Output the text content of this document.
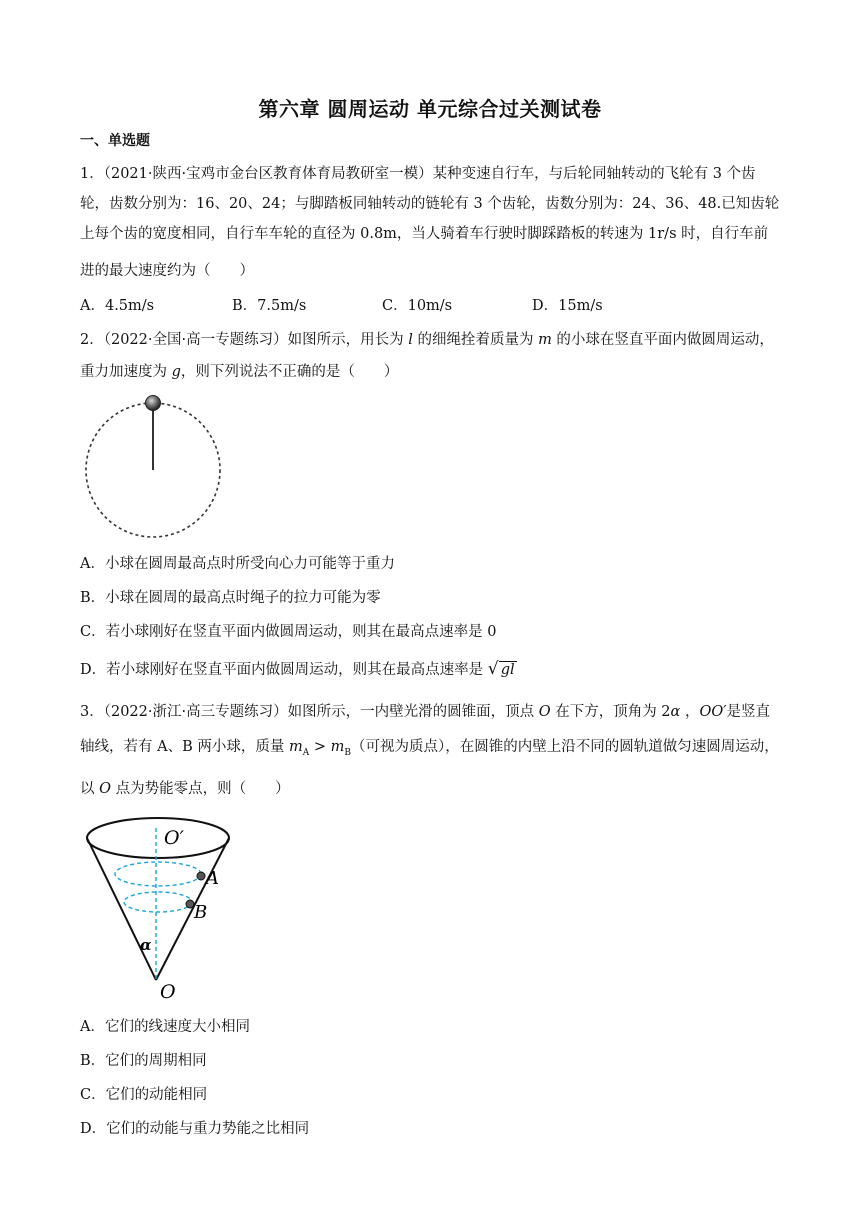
第六章 圆周运动 单元综合过关测试卷
一、单选题
1．（2021·陕西·宝鸡市金台区教育体育局教研室一模）某种变速自行车，与后轮同轴转动的飞轮有 3 个齿
轮，齿数分别为：16、20、24；与脚踏板同轴转动的链轮有 3 个齿轮，齿数分别为：24、36、48.已知齿轮
上每个齿的宽度相同，自行车车轮的直径为 0.8m，当人骑着车行驶时脚踩踏板的转速为 1r/s 时，自行车前
进的最大速度约为（　　）
A．4.5m/s	B．7.5m/s	C．10m/s	D．15m/s
2．（2022·全国·高一专题练习）如图所示，用长为 l 的细绳拴着质量为 m 的小球在竖直平面内做圆周运动，
重力加速度为 g，则下列说法不正确的是（　　）
A．小球在圆周最高点时所受向心力可能等于重力
B．小球在圆周的最高点时绳子的拉力可能为零
C．若小球刚好在竖直平面内做圆周运动，则其在最高点速率是 0
D．若小球刚好在竖直平面内做圆周运动，则其在最高点速率是 √ gl
3．（2022·浙江·高三专题练习）如图所示，一内壁光滑的圆锥面，顶点 O 在下方，顶角为 2α ，OO′是竖直
轴线，若有 A、B 两小球，质量 $m_A > m_B$（可视为质点），在圆锥的内壁上沿不同的圆轨道做匀速圆周运动，
以 O 点为势能零点，则（　　）
O′
A
B
α
O
A．它们的线速度大小相同
B．它们的周期相同
C．它们的动能相同
D．它们的动能与重力势能之比相同
